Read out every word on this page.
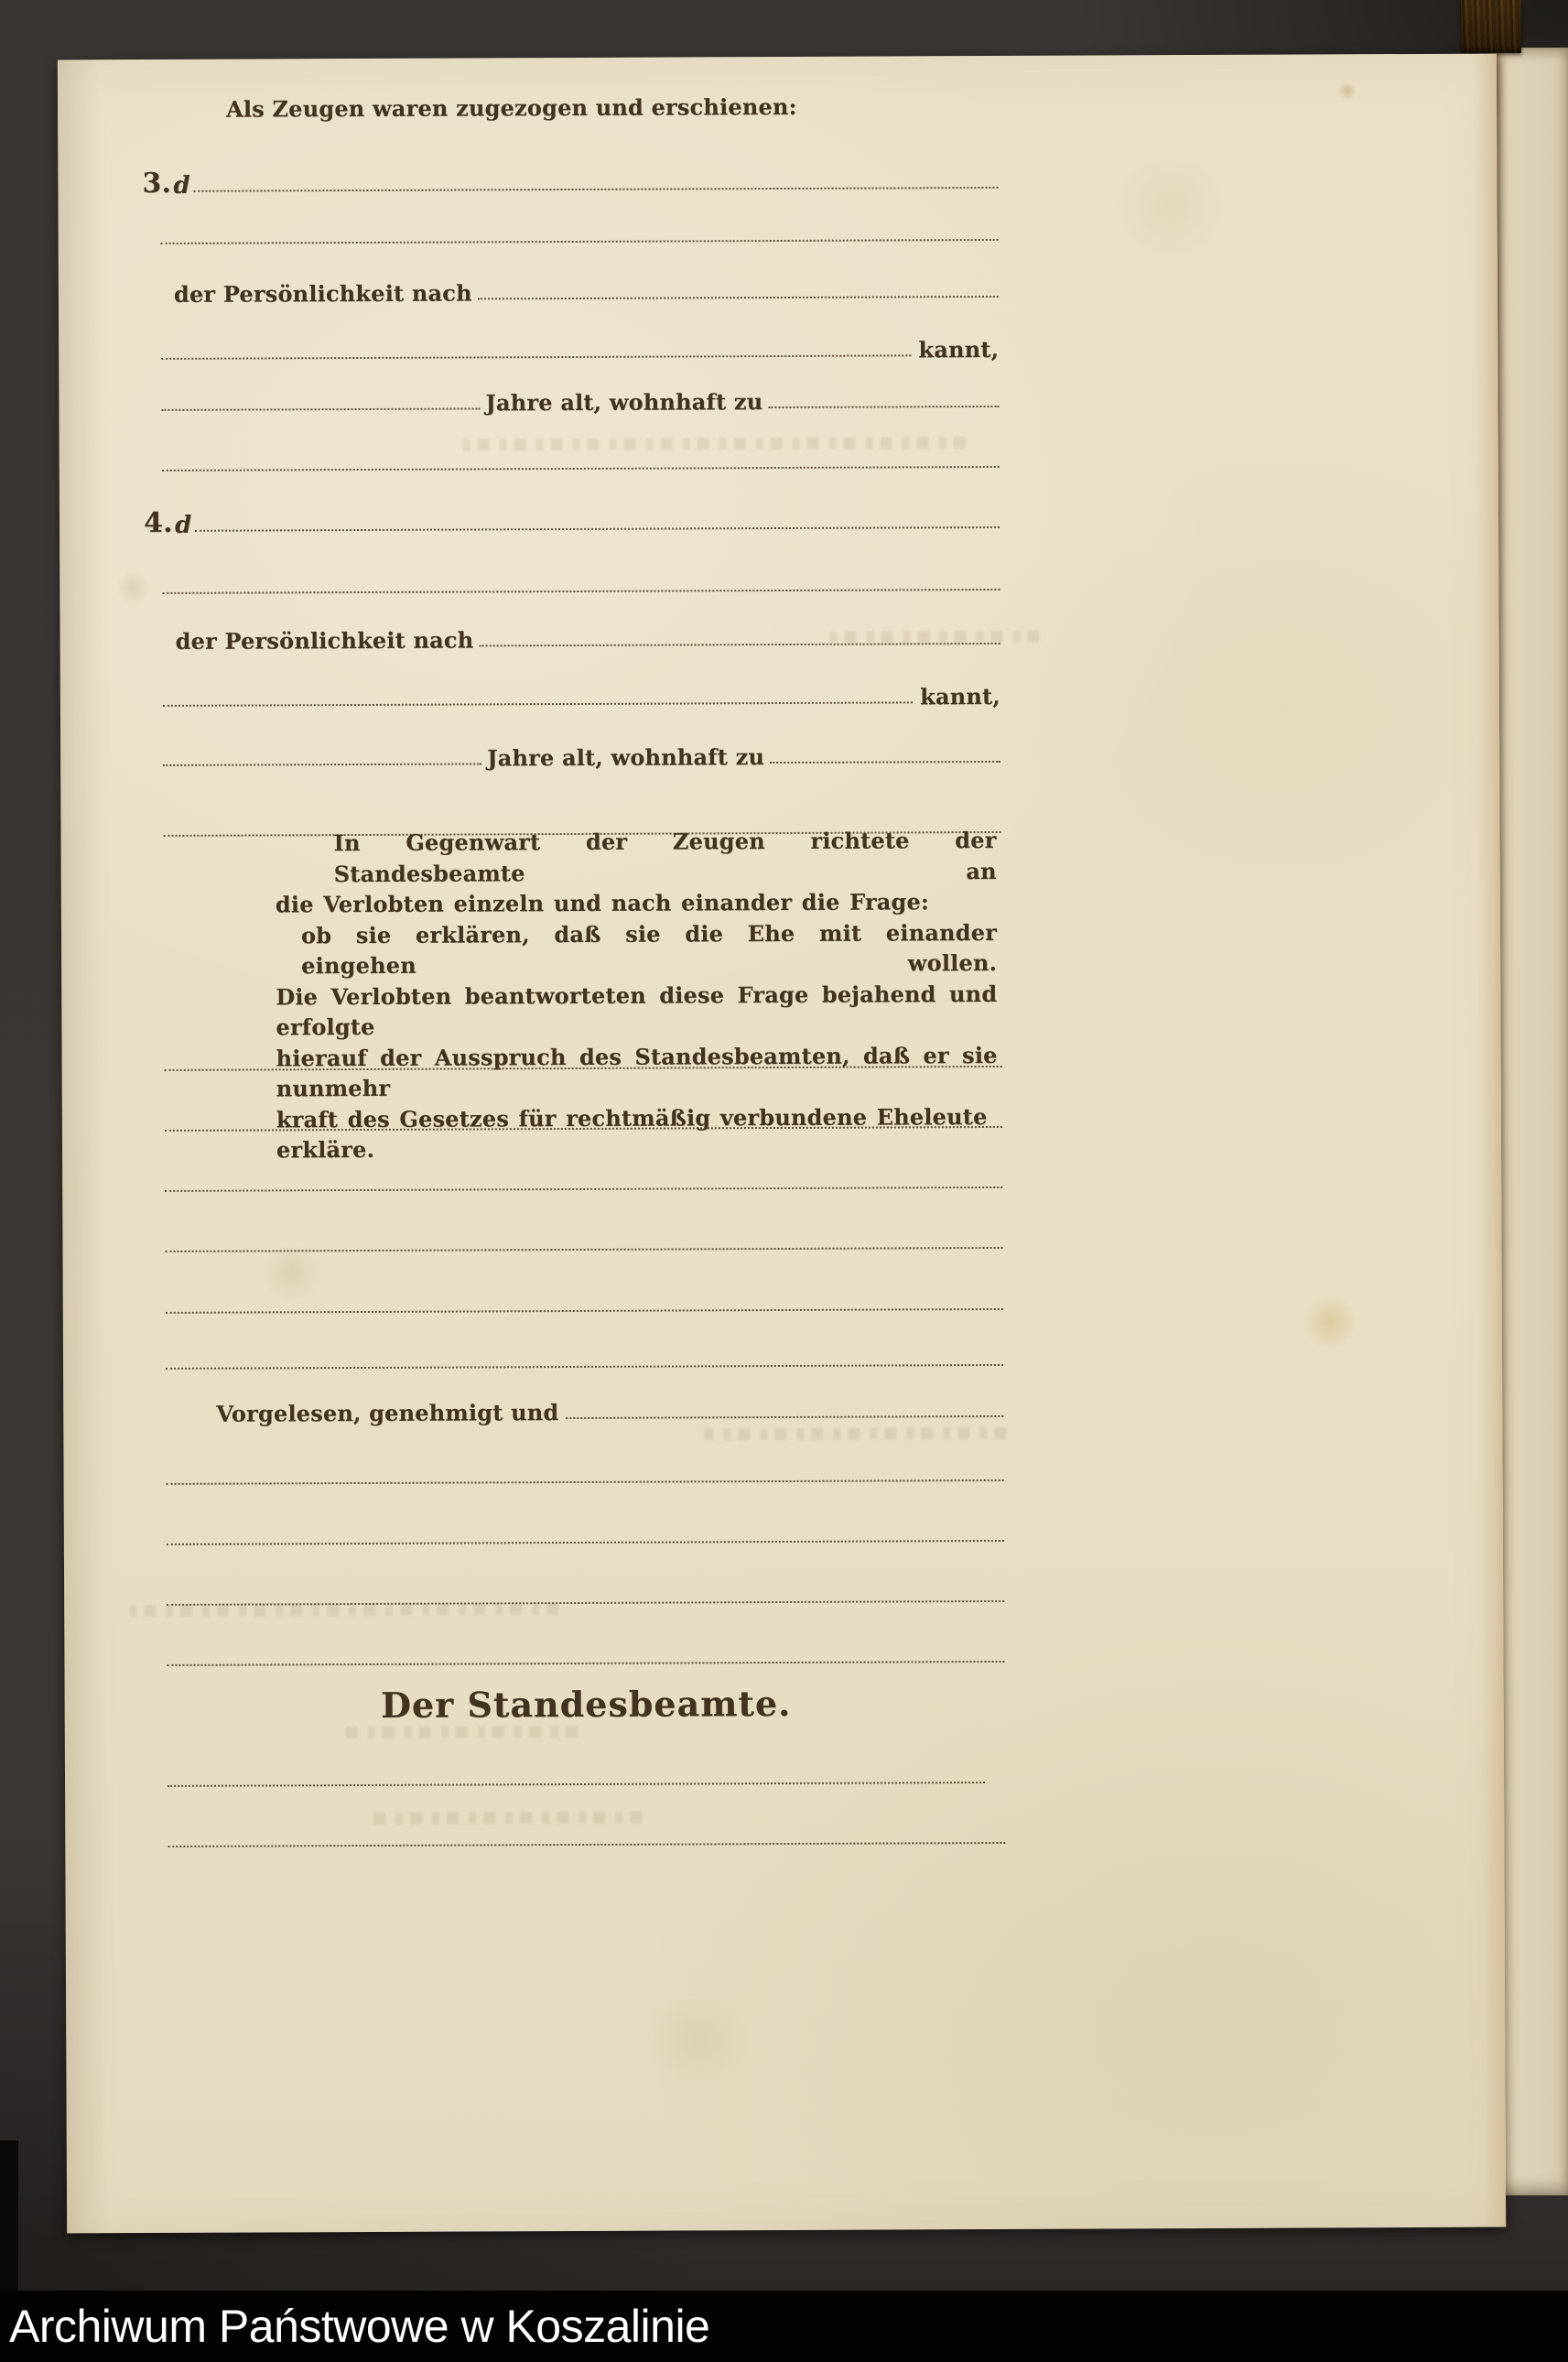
Als Zeugen waren zugezogen und erschienen:
3. d
der Persönlichkeit nach
kannt,
Jahre alt, wohnhaft zu
4. d
der Persönlichkeit nach
kannt,
Jahre alt, wohnhaft zu
In Gegenwart der Zeugen richtete der Standesbeamte an
die Verlobten einzeln und nach einander die Frage:
ob sie erklären, daß sie die Ehe mit einander eingehen wollen.
Die Verlobten beantworteten diese Frage bejahend und erfolgte
hierauf der Ausspruch des Standesbeamten, daß er sie nunmehr
kraft des Gesetzes für rechtmäßig verbundene Eheleute erkläre.
Vorgelesen, genehmigt und
Der Standesbeamte.
Archiwum Państwowe w Koszalinie
